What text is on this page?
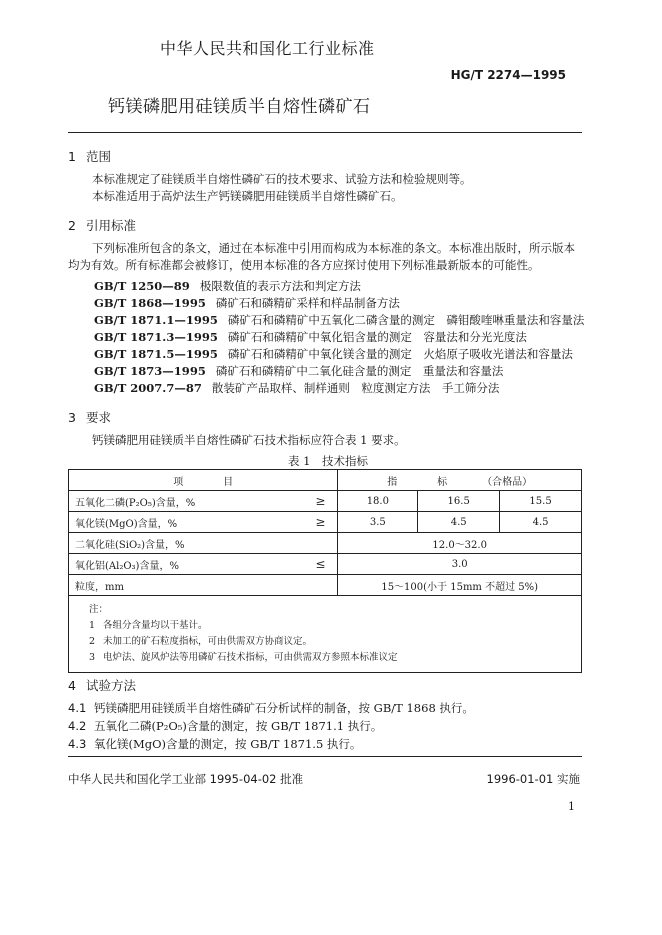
中华人民共和国化工行业标准
HG/T 2274—1995
钙镁磷肥用硅镁质半自熔性磷矿石
1 范围
本标准规定了硅镁质半自熔性磷矿石的技术要求、试验方法和检验规则等。
本标准适用于高炉法生产钙镁磷肥用硅镁质半自熔性磷矿石。
2 引用标准
下列标准所包含的条文，通过在本标准中引用而构成为本标准的条文。本标准出版时，所示版本均为有效。所有标准都会被修订，使用本标准的各方应探讨使用下列标准最新版本的可能性。
GB/T 1250—89 极限数值的表示方法和判定方法
GB/T 1868—1995 磷矿石和磷精矿采样和样品制备方法
GB/T 1871.1—1995 磷矿石和磷精矿中五氧化二磷含量的测定　磷钼酸喹啉重量法和容量法
GB/T 1871.3—1995 磷矿石和磷精矿中氧化铝含量的测定　容量法和分光光度法
GB/T 1871.5—1995 磷矿石和磷精矿中氧化镁含量的测定　火焰原子吸收光谱法和容量法
GB/T 1873—1995 磷矿石和磷精矿中二氧化硅含量的测定　重量法和容量法
GB/T 2007.7—87 散装矿产品取样、制样通则　粒度测定方法　手工筛分法
3 要求
钙镁磷肥用硅镁质半自熔性磷矿石技术指标应符合表 1 要求。
表 1　技术指标
项　　　　目	指　　　　标　　　　（合格品）		

五氧化二磷(P₂O₅)含量，% ≥	18.0	16.5	15.5

氧化镁(MgO)含量，% ≥	3.5	4.5	4.5

二氧化硅(SiO₂)含量，%	12.0～32.0		

氧化铝(Al₂O₃)含量，% ≤	3.0		

粒度，mm	15～100(小于 15mm 不超过 5%)		

注：
1 各组分含量均以干基计。
2 未加工的矿石粒度指标，可由供需双方协商议定。
3 电炉法、旋风炉法等用磷矿石技术指标，可由供需双方参照本标准议定			
4 试验方法
4.1 钙镁磷肥用硅镁质半自熔性磷矿石分析试样的制备，按 GB/T 1868 执行。
4.2 五氧化二磷(P₂O₅)含量的测定，按 GB/T 1871.1 执行。
4.3 氧化镁(MgO)含量的测定，按 GB/T 1871.5 执行。
中华人民共和国化学工业部 1995-04-02 批准	1996-01-01 实施
1
